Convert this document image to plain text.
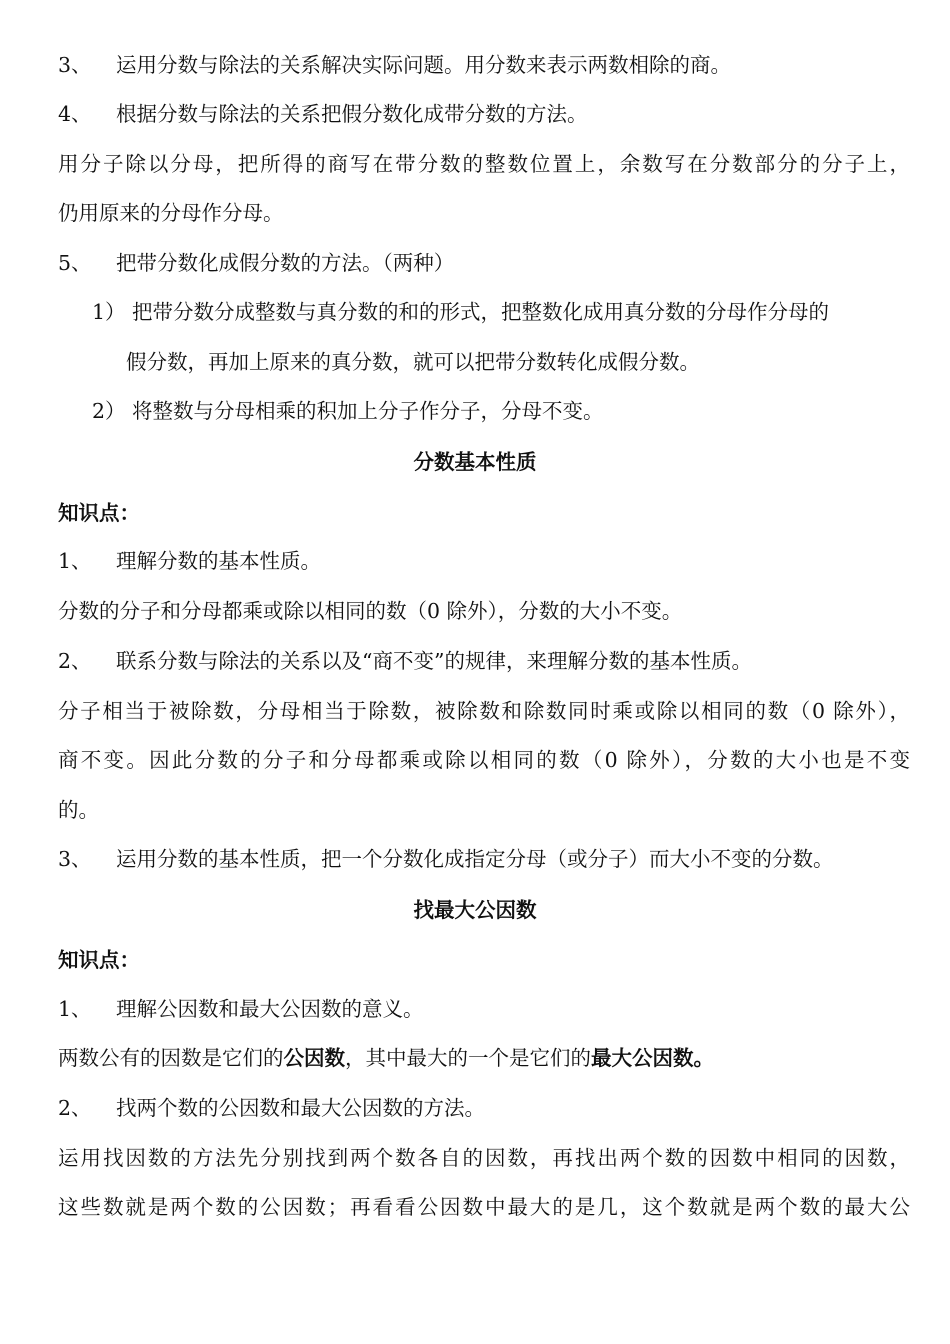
3、 运用分数与除法的关系解决实际问题。用分数来表示两数相除的商。
4、 根据分数与除法的关系把假分数化成带分数的方法。
用分子除以分母，把所得的商写在带分数的整数位置上，余数写在分数部分的分子上，
仍用原来的分母作分母。
5、 把带分数化成假分数的方法。（两种）
1） 把带分数分成整数与真分数的和的形式，把整数化成用真分数的分母作分母的
假分数，再加上原来的真分数，就可以把带分数转化成假分数。
2） 将整数与分母相乘的积加上分子作分子，分母不变。
分数基本性质
知识点：
1、 理解分数的基本性质。
分数的分子和分母都乘或除以相同的数（0 除外），分数的大小不变。
2、 联系分数与除法的关系以及“商不变”的规律，来理解分数的基本性质。
分子相当于被除数，分母相当于除数，被除数和除数同时乘或除以相同的数（0 除外），
商不变。因此分数的分子和分母都乘或除以相同的数（0 除外），分数的大小也是不变
的。
3、 运用分数的基本性质，把一个分数化成指定分母（或分子）而大小不变的分数。
找最大公因数
知识点：
1、 理解公因数和最大公因数的意义。
两数公有的因数是它们的公因数，其中最大的一个是它们的最大公因数。
2、 找两个数的公因数和最大公因数的方法。
运用找因数的方法先分别找到两个数各自的因数，再找出两个数的因数中相同的因数，
这些数就是两个数的公因数；再看看公因数中最大的是几，这个数就是两个数的最大公
